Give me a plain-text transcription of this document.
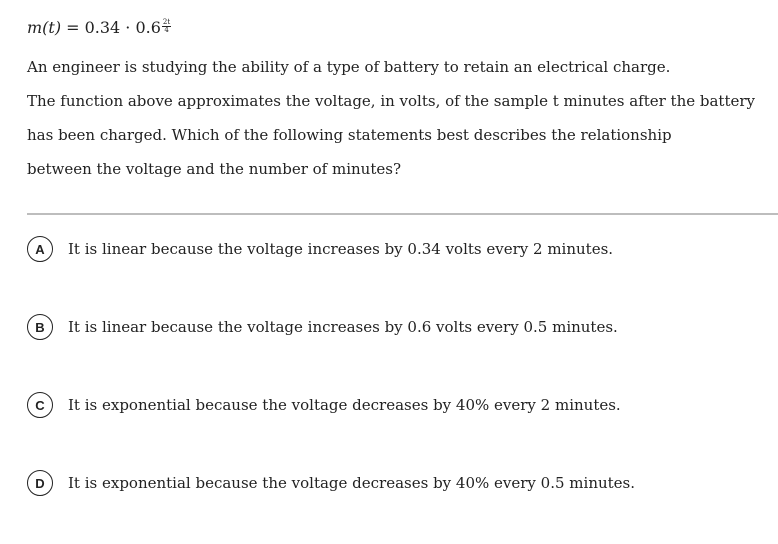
$m(t) = 0.34 \cdot 0.6 \frac{2t}{4}$
An engineer is studying the ability of a type of battery to retain an electrical charge.
The function above approximates the voltage, in volts, of the sample t minutes after the battery
has been charged. Which of the following statements best describes the relationship
between the voltage and the number of minutes?
A	It is linear because the voltage increases by 0.34 volts every 2 minutes.
B	It is linear because the voltage increases by 0.6 volts every 0.5 minutes.
C	It is exponential because the voltage decreases by 40% every 2 minutes.
D	It is exponential because the voltage decreases by 40% every 0.5 minutes.
